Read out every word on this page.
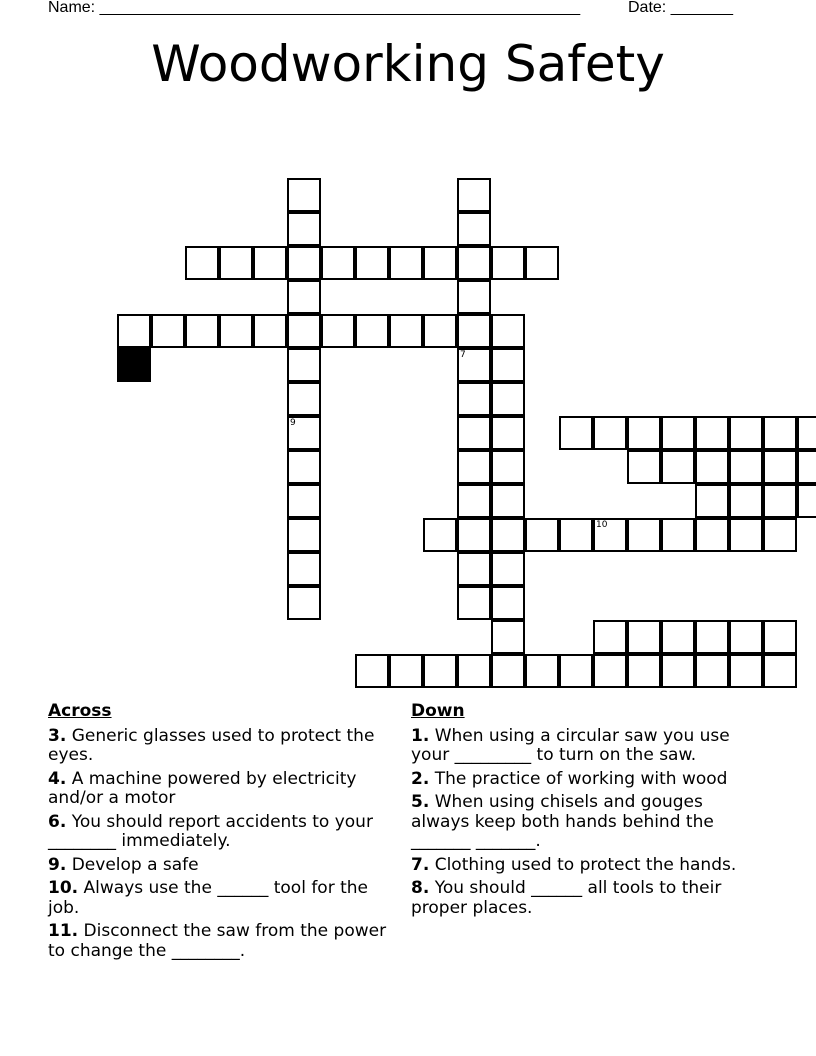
Name: ______________________________________________________	Date: _______
Woodworking Safety
7
9
10
Across
3. Generic glasses used to protect the eyes.
4. A machine powered by electricity and/or a motor
6. You should report accidents to your ________ immediately.
9. Develop a safe
10. Always use the ______ tool for the job.
11. Disconnect the saw from the power to change the ________.
Down
1. When using a circular saw you use your _________ to turn on the saw.
2. The practice of working with wood
5. When using chisels and gouges always keep both hands behind the _______ _______.
7. Clothing used to protect the hands.
8. You should ______ all tools to their proper places.
